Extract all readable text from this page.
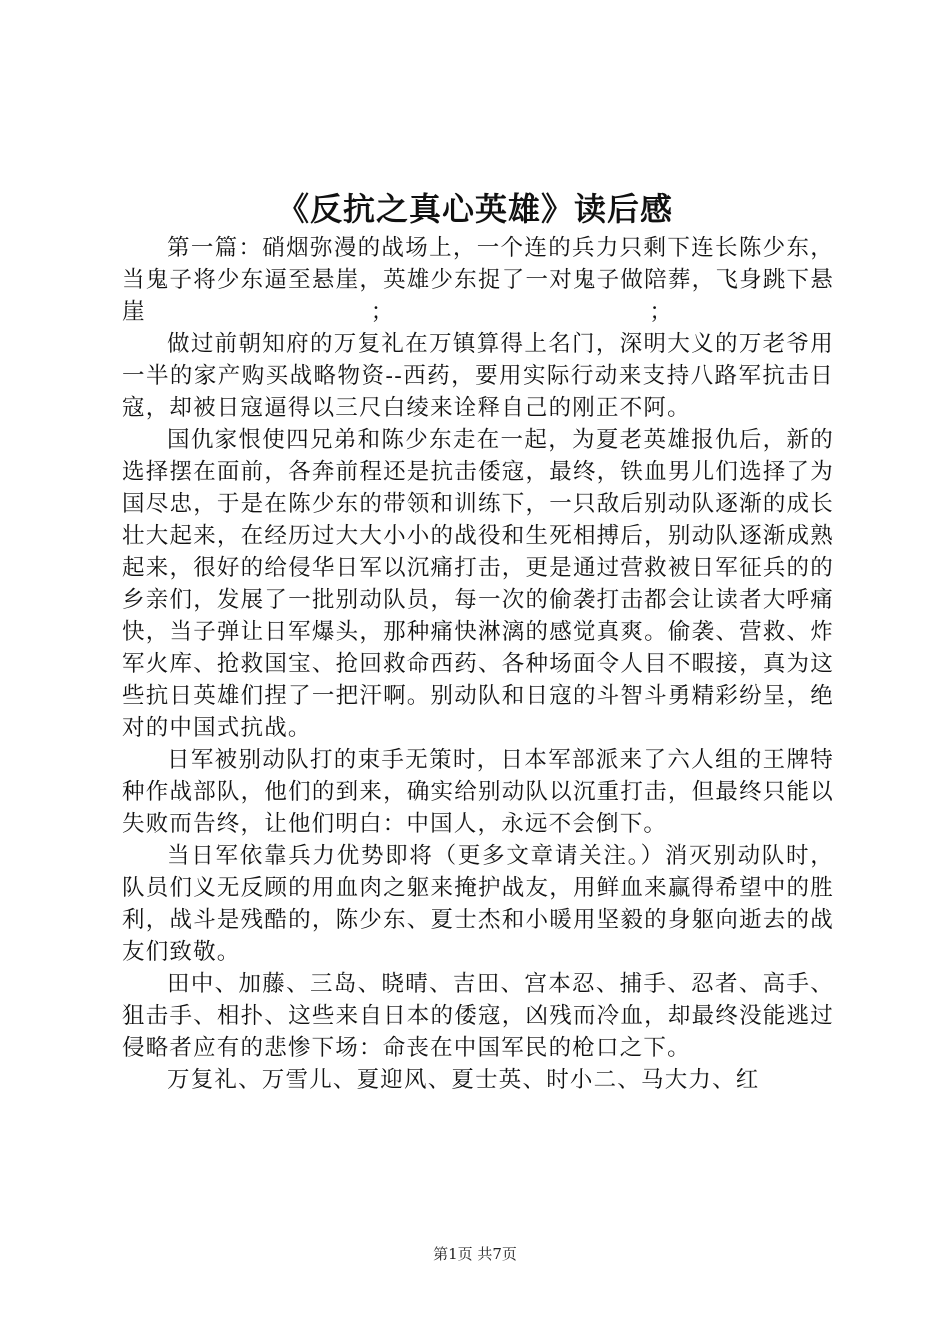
《反抗之真心英雄》读后感

第一篇：硝烟弥漫的战场上，一个连的兵力只剩下连长陈少东，当鬼子将少东逼至悬崖，英雄少东捉了一对鬼子做陪葬，飞身跳下悬崖	；	；

做过前朝知府的万复礼在万镇算得上名门，深明大义的万老爷用一半的家产购买战略物资--西药，要用实际行动来支持八路军抗击日寇，却被日寇逼得以三尺白绫来诠释自己的刚正不阿。

国仇家恨使四兄弟和陈少东走在一起，为夏老英雄报仇后，新的选择摆在面前，各奔前程还是抗击倭寇，最终，铁血男儿们选择了为国尽忠，于是在陈少东的带领和训练下，一只敌后别动队逐渐的成长壮大起来，在经历过大大小小的战役和生死相搏后，别动队逐渐成熟起来，很好的给侵华日军以沉痛打击，更是通过营救被日军征兵的的乡亲们，发展了一批别动队员，每一次的偷袭打击都会让读者大呼痛快，当子弹让日军爆头，那种痛快淋漓的感觉真爽。偷袭、营救、炸军火库、抢救国宝、抢回救命西药、各种场面令人目不暇接，真为这些抗日英雄们捏了一把汗啊。别动队和日寇的斗智斗勇精彩纷呈，绝对的中国式抗战。

日军被别动队打的束手无策时，日本军部派来了六人组的王牌特种作战部队，他们的到来，确实给别动队以沉重打击，但最终只能以失败而告终，让他们明白：中国人，永远不会倒下。

当日军依靠兵力优势即将（更多文章请关注。）消灭别动队时，队员们义无反顾的用血肉之躯来掩护战友，用鲜血来赢得希望中的胜利，战斗是残酷的，陈少东、夏士杰和小暖用坚毅的身躯向逝去的战友们致敬。

田中、加藤、三岛、晓晴、吉田、宫本忍、捕手、忍者、高手、狙击手、相扑、这些来自日本的倭寇，凶残而冷血，却最终没能逃过侵略者应有的悲惨下场：命丧在中国军民的枪口之下。

万复礼、万雪儿、夏迎风、夏士英、时小二、马大力、红

第1页 共7页
